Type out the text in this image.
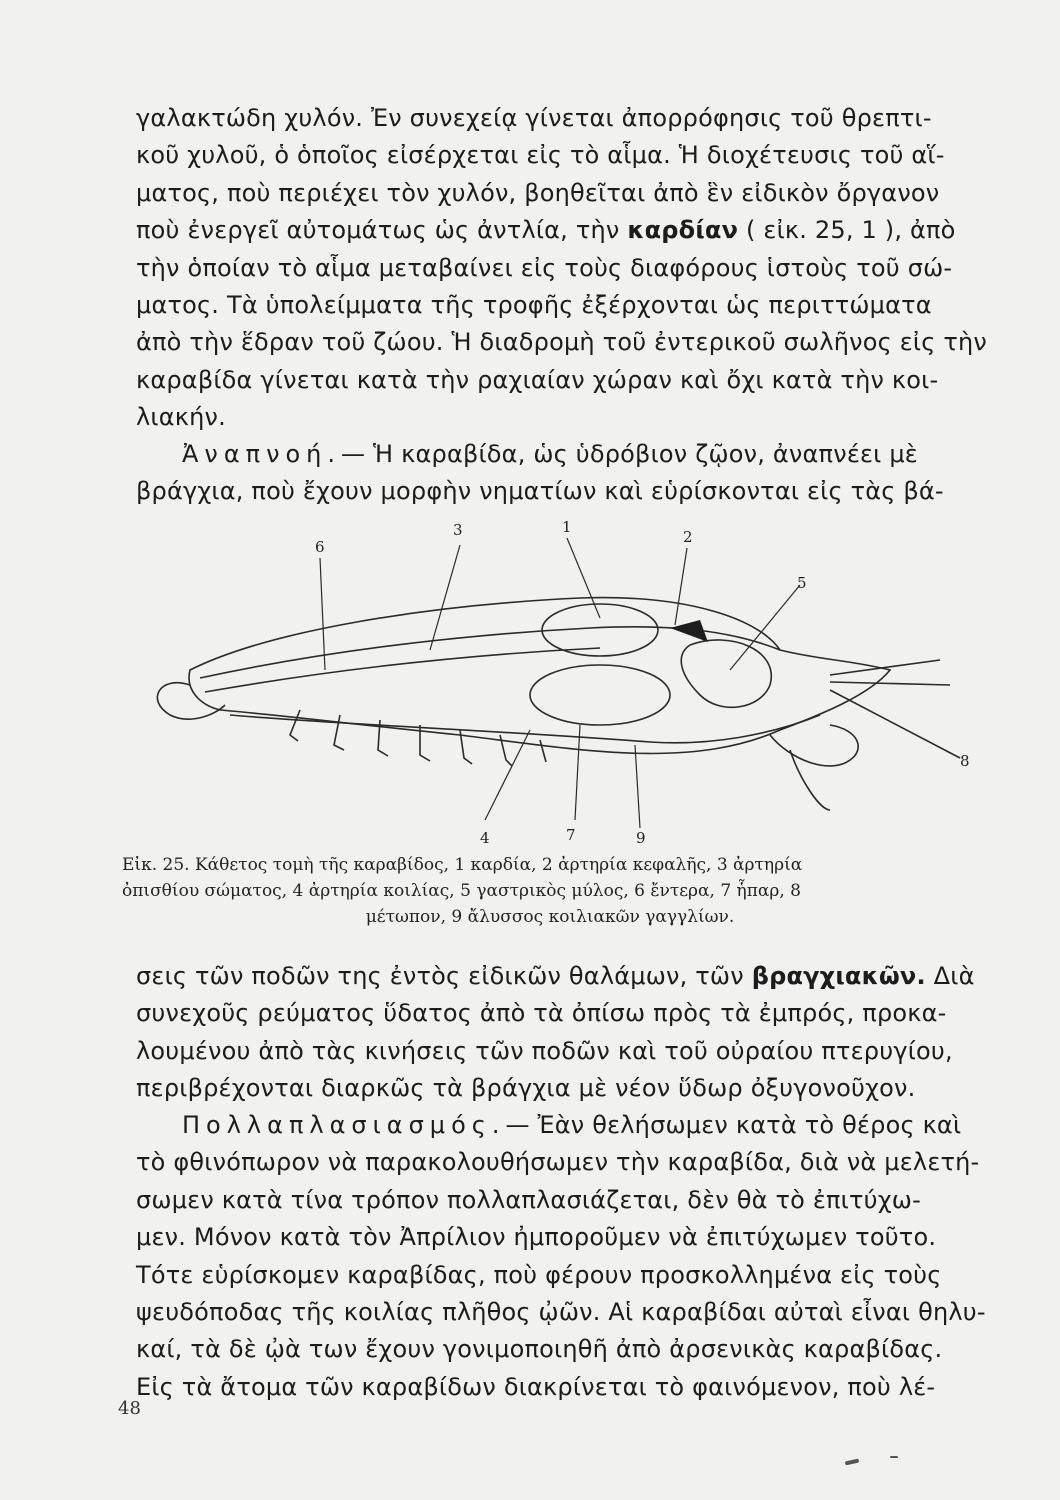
γαλακτώδη χυλόν. Ἐν συνεχείᾳ γίνεται ἀπορρόφησις τοῦ θρεπτι-
κοῦ χυλοῦ, ὁ ὁποῖος εἰσέρχεται εἰς τὸ αἷμα. Ἡ διοχέτευσις τοῦ αἵ-
ματος, ποὺ περιέχει τὸν χυλόν, βοηθεῖται ἀπὸ ἓν εἰδικὸν ὄργανον
ποὺ ἐνεργεῖ αὐτομάτως ὡς ἀντλία, τὴν καρδίαν ( εἰκ. 25, 1 ), ἀπὸ
τὴν ὁποίαν τὸ αἷμα μεταβαίνει εἰς τοὺς διαφόρους ἱστοὺς τοῦ σώ-
ματος. Τὰ ὑπολείμματα τῆς τροφῆς ἐξέρχονται ὡς περιττώματα
ἀπὸ τὴν ἕδραν τοῦ ζώου. Ἡ διαδρομὴ τοῦ ἐντερικοῦ σωλῆνος εἰς τὴν
καραβίδα γίνεται κατὰ τὴν ραχιαίαν χώραν καὶ ὄχι κατὰ τὴν κοι-
λιακήν.
Ἀναπνοή.— Ἡ καραβίδα, ὡς ὑδρόβιον ζῷον, ἀναπνέει μὲ
βράγχια, ποὺ ἔχουν μορφὴν νηματίων καὶ εὑρίσκονται εἰς τὰς βά-
1
2
3
4
5
6
7
8
9
Εἰκ. 25. Κάθετος τομὴ τῆς καραβίδος, 1 καρδία, 2 ἀρτηρία κεφαλῆς, 3 ἀρτηρία
ὀπισθίου σώματος, 4 ἀρτηρία κοιλίας, 5 γαστρικὸς μύλος, 6 ἔντερα, 7 ἧπαρ, 8
μέτωπον, 9 ἄλυσσος κοιλιακῶν γαγγλίων.
σεις τῶν ποδῶν της ἐντὸς εἰδικῶν θαλάμων, τῶν βραγχιακῶν. Διὰ
συνεχοῦς ρεύματος ὕδατος ἀπὸ τὰ ὀπίσω πρὸς τὰ ἐμπρός, προκα-
λουμένου ἀπὸ τὰς κινήσεις τῶν ποδῶν καὶ τοῦ οὐραίου πτερυγίου,
περιβρέχονται διαρκῶς τὰ βράγχια μὲ νέον ὕδωρ ὀξυγονοῦχον.
Πολλαπλασιασμός.— Ἐὰν θελήσωμεν κατὰ τὸ θέρος καὶ
τὸ φθινόπωρον νὰ παρακολουθήσωμεν τὴν καραβίδα, διὰ νὰ μελετή-
σωμεν κατὰ τίνα τρόπον πολλαπλασιάζεται, δὲν θὰ τὸ ἐπιτύχω-
μεν. Μόνον κατὰ τὸν Ἀπρίλιον ἠμποροῦμεν νὰ ἐπιτύχωμεν τοῦτο.
Τότε εὑρίσκομεν καραβίδας, ποὺ φέρουν προσκολλημένα εἰς τοὺς
ψευδόποδας τῆς κοιλίας πλῆθος ᾠῶν. Αἱ καραβίδαι αὐταὶ εἶναι θηλυ-
καί, τὰ δὲ ᾠὰ των ἔχουν γονιμοποιηθῆ ἀπὸ ἀρσενικὰς καραβίδας.
Εἰς τὰ ἄτομα τῶν καραβίδων διακρίνεται τὸ φαινόμενον, ποὺ λέ-
48
